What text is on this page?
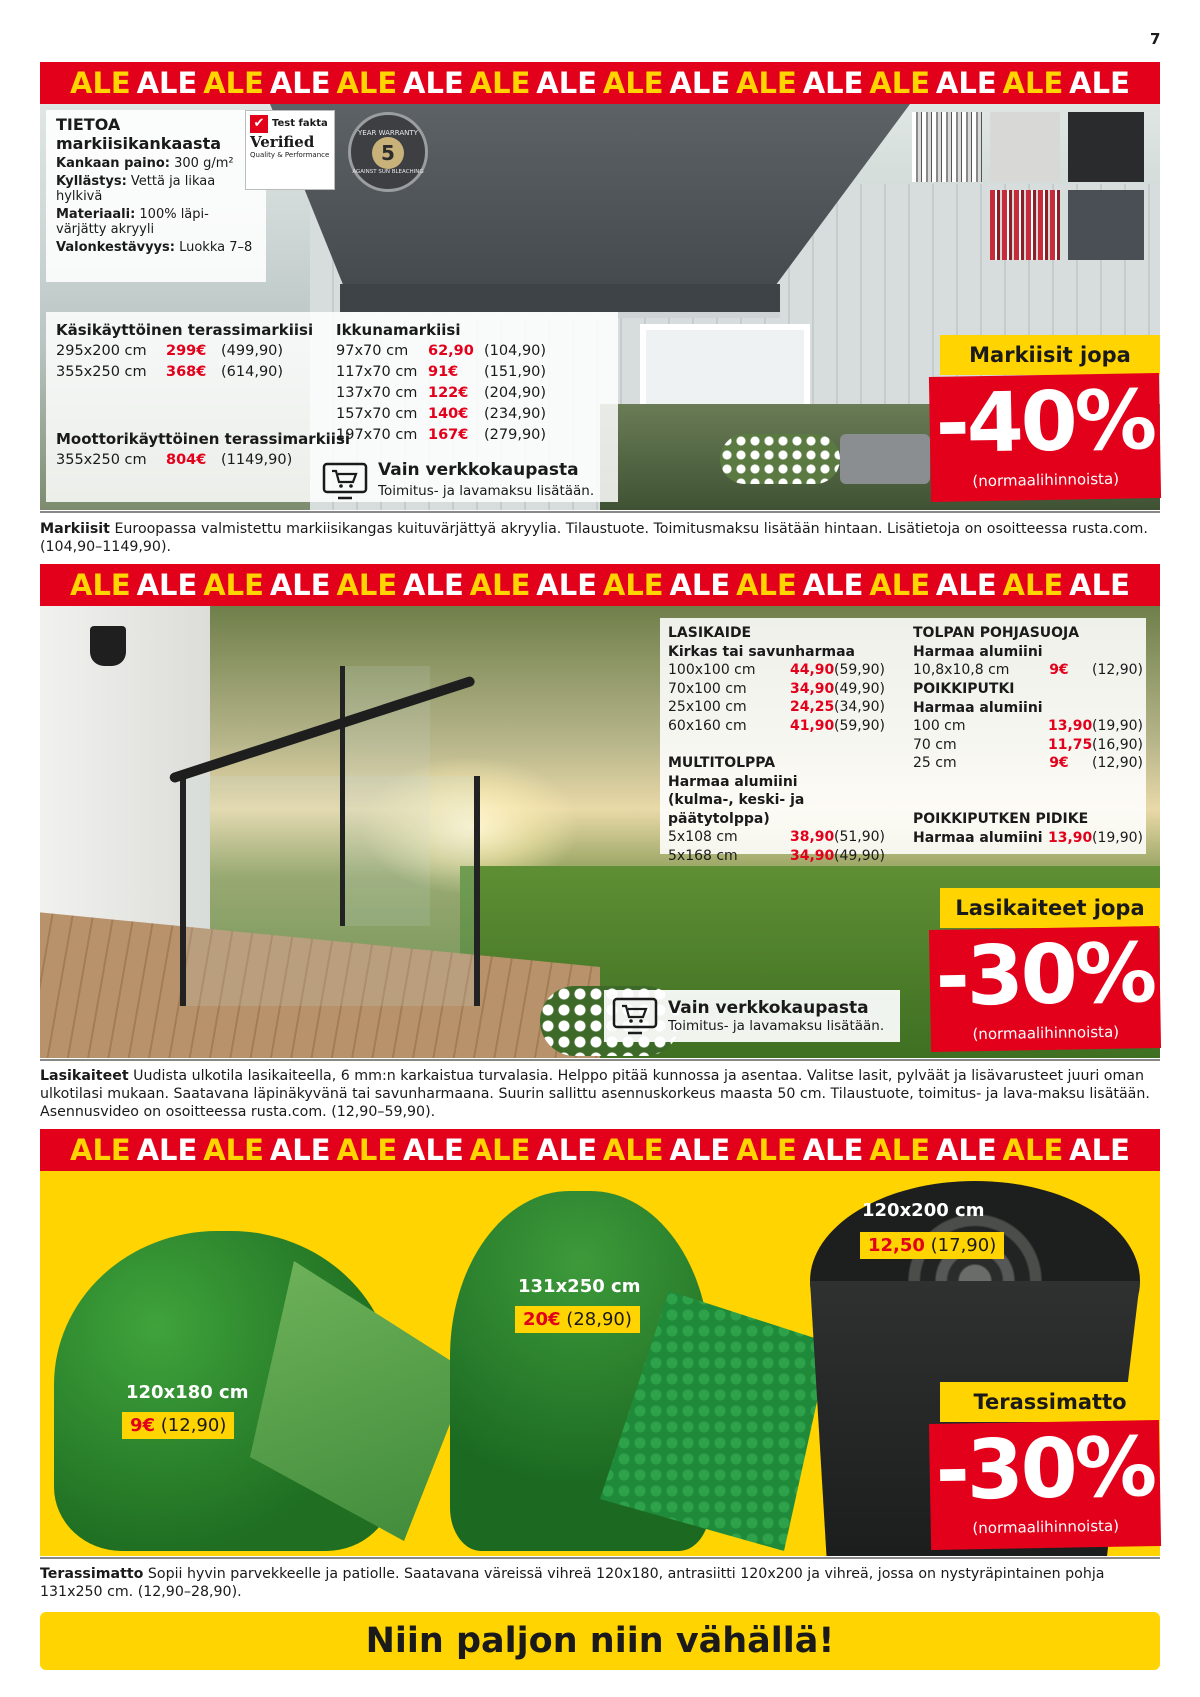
7
ALE ALE ALE ALE ALE ALE ALE ALE ALE ALE ALE ALE ALE ALE ALE ALE
TIETOA
markiisikankaasta
Kankaan paino: 300 g/m²
Kyllästys: Vettä ja likaa hylkivä
Materiaali: 100% läpi-värjätty akryyli
Valonkestävyys: Luokka 7–8
✔ Test fakta
Verified
Quality & Performance
YEAR WARRANTY
5
AGAINST SUN BLEACHING
Käsikäyttöinen terassimarkiisi
295x200 cm	299€	(499,90)
355x250 cm	368€	(614,90)
Moottorikäyttöinen terassimarkiisi
355x250 cm	804€	(1149,90)
Ikkunamarkiisi
97x70 cm	62,90 (104,90)
117x70 cm 91€	(151,90)
137x70 cm 122€	(204,90)
157x70 cm 140€	(234,90)
197x70 cm 167€	(279,90)
Vain verkkokaupasta
Toimitus- ja lavamaksu lisätään.
Markiisit jopa
-40%
(normaalihinnoista)
Markiisit Euroopassa valmistettu markiisikangas kuituvärjättyä akryylia. Tilaustuote. Toimitusmaksu lisätään hintaan. Lisätietoja on osoitteessa rusta.com. (104,90–1149,90).
ALE ALE ALE ALE ALE ALE ALE ALE ALE ALE ALE ALE ALE ALE ALE ALE
LASIKAIDE
Kirkas tai savunharmaa
100x100 cm	44,90 (59,90)
70x100 cm	34,90 (49,90)
25x100 cm	24,25 (34,90)
60x160 cm	41,90 (59,90)
MULTITOLPPA
Harmaa alumiini
(kulma-, keski- ja päätytolppa)
5x108 cm	38,90 (51,90)
5x168 cm	34,90 (49,90)
TOLPAN POHJASUOJA
Harmaa alumiini
10,8x10,8 cm	9€	(12,90)
POIKKIPUTKI
Harmaa alumiini
100 cm	13,90 (19,90)
70 cm	11,75 (16,90)
25 cm	9€	(12,90)
POIKKIPUTKEN PIDIKE
Harmaa alumiini 13,90 (19,90)
Lasikaiteet jopa
-30%
(normaalihinnoista)
Vain verkkokaupasta
Toimitus- ja lavamaksu lisätään.
Lasikaiteet Uudista ulkotila lasikaiteella, 6 mm:n karkaistua turvalasia. Helppo pitää kunnossa ja asentaa. Valitse lasit, pylväät ja lisävarusteet juuri oman ulkotilasi mukaan. Saatavana läpinäkyvänä tai savunharmaana. Suurin sallittu asennuskorkeus maasta 50 cm. Tilaustuote, toimitus- ja lava-maksu lisätään. Asennusvideo on osoitteessa rusta.com. (12,90–59,90).
ALE ALE ALE ALE ALE ALE ALE ALE ALE ALE ALE ALE ALE ALE ALE ALE
120x180 cm
9€ (12,90)
131x250 cm
20€ (28,90)
120x200 cm
12,50 (17,90)
Terassimatto
-30%
(normaalihinnoista)
Terassimatto Sopii hyvin parvekkeelle ja patiolle. Saatavana väreissä vihreä 120x180, antrasiitti 120x200 ja vihreä, jossa on nystyräpintainen pohja 131x250 cm. (12,90–28,90).
Niin paljon niin vähällä!
